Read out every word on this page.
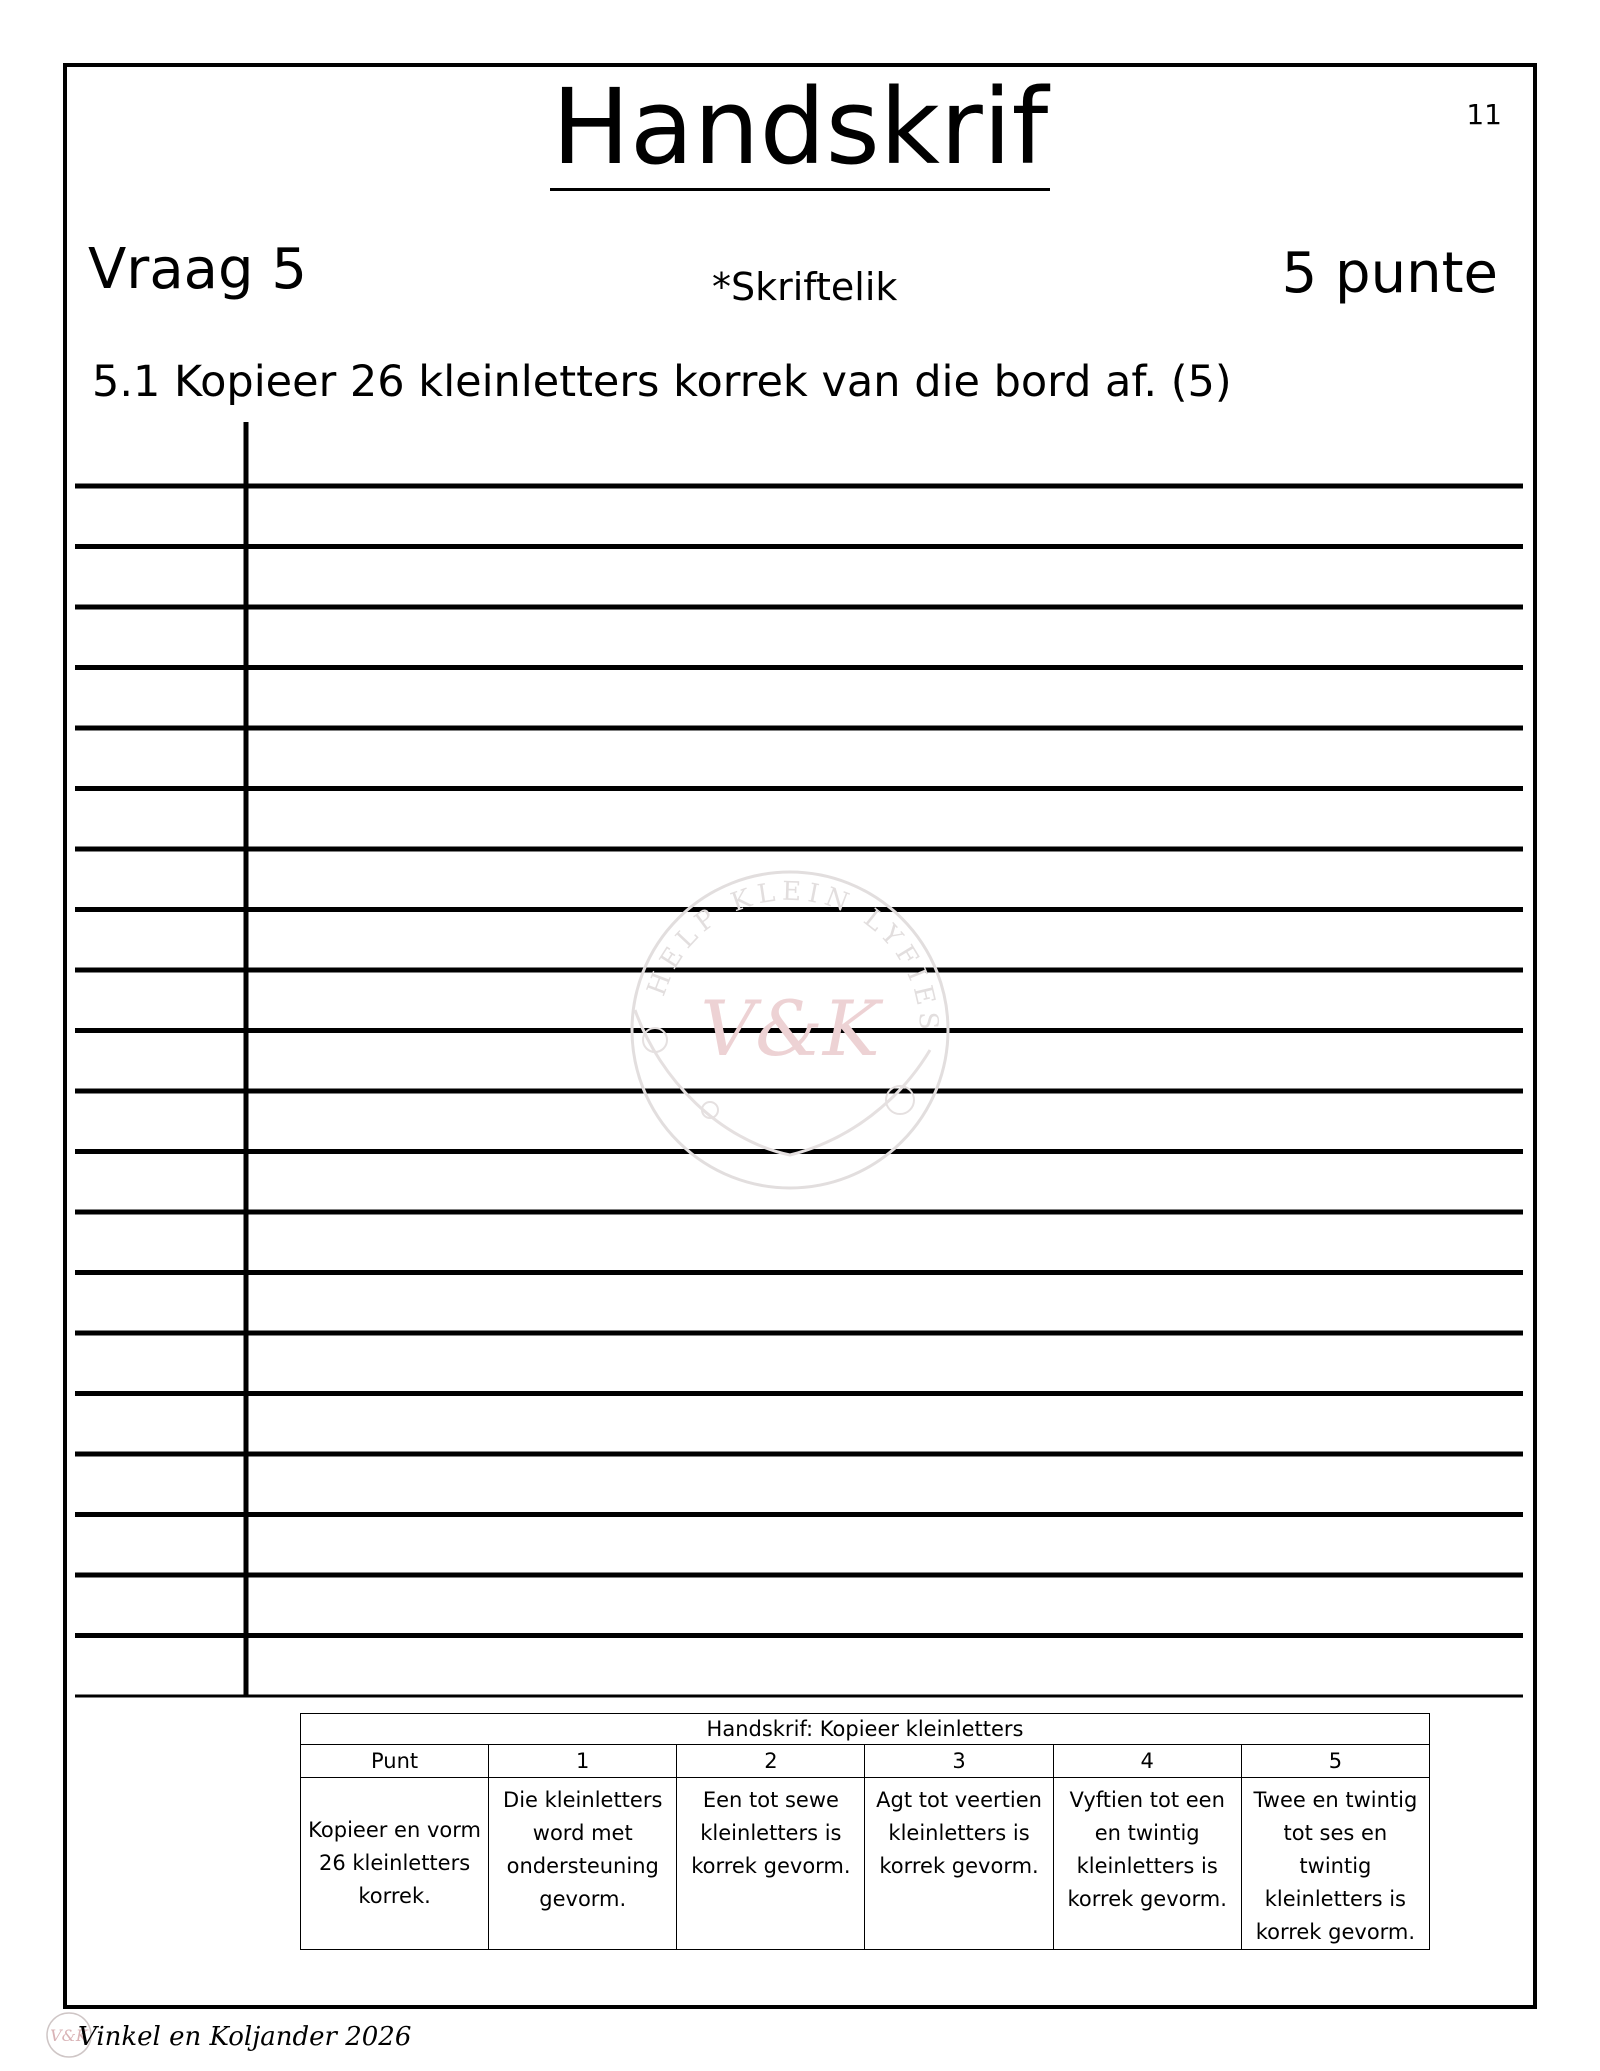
Handskrif	11
Vraag 5	*Skriftelik	5 punte
5.1 Kopieer 26 kleinletters korrek van die bord af. (5)
HELP KLEIN LYFIES
V&K
Handskrif: Kopieer kleinletters					
Punt	1	2	3	4	5
Kopieer en vorm 26 kleinletters korrek.	Die kleinletters word met ondersteuning gevorm.	Een tot sewe kleinletters is korrek gevorm.	Agt tot veertien kleinletters is korrek gevorm.	Vyftien tot een en twintig kleinletters is korrek gevorm.	Twee en twintig tot ses en twintig kleinletters is korrek gevorm.
V&K
Vinkel en Koljander 2026
